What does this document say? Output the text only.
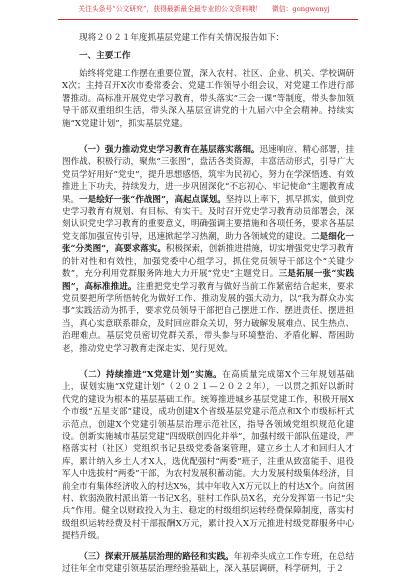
关注头条号“公文研究”，获得最新最全最专业的公文资料哦！ 微信：gongwenyj

现将２０２１年度抓基层党建工作有关情况报告如下：

一、主要工作

始终将党建工作摆在重要位置，深入农村、社区、企业、机关、学校调研X次；主持召开X次市委常委会、党建工作领导小组会议，对党建工作进行部署推动。高标准开展党史学习教育，带头落实“三会一课”等制度，带头参加领导干部双重组织生活，带头深入基层宣讲党的十九届六中全会精神。持续实施“X党建计划”，抓实基层党建。

（一）强力推动党史学习教育在基层落实落细。迅速响应、精心部署，挂图作战、积极行动，聚焦“三张图”，盘活各类资源，丰富活动形式，引导广大党员学好用好“党史”，提升思想感悟，筑牢为民初心，努力在学深悟透、有效推进上下功夫，持续发力，进一步巩固深化“不忘初心、牢记使命”主题教育成果。一是绘好一张“作战图”，高起点谋划。坚持以上率下，抓早抓实，做到党史学习教育有规划、有目标、有实干。及时召开党史学习教育动员部署会，深刻认识党史学习教育的重要意义，明确强调主要措施和各项任务，要求各基层党支部加强宣传引导，迅速掀起学习热潮，助力各领域党的建设。二是细化一张“分类图”，高要求落实。积极探索，创新推进措施，切实增强党史学习教育的针对性和有效性，加强党委中心组学习，抓住党员领导干部这个“关键少数”，充分利用党群服务阵地大力开展“党史”主题党日。三是拓展一张“实践图”，高标准推进。注重把党史学习教育与做好当前工作紧密结合起来，要求党员要把所学所悟转化为做好工作、推动发展的强大动力，以“我为群众办实事”实践活动为抓手，要求党员领导干部把自己摆进工作、摆进责任、摆进担当，真心实意联系群众，及时回应群众关切，努力破解发展难点、民生热点、治理难点。基层党员密切党群关系，带头参与环境整治、矛盾化解、帮困助老，推动党史学习教育走深走实、见行见效。

（二）持续推进“X党建计划”实施。在高质量完成第X个三年规划基础上，谋划实施“X党建计划”（２０２１—２０２２年），一以贯之抓好以新时代党的建设为根本的基层基础工作。统筹推进城乡基层党建工作，积极开展X个市级“五星支部”建设，成功创建X个省级基层党建示范点和X个市级标杆式示范点，创建X个党建引领基层治理示范社区，指导各领域党组织规范化建设。创新实施城市基层党建“四级联创四化并举”，加强村级干部队伍建设，严格落实村（社区）党组织书记县级党委备案管理，建立乡土人才和回归人才库，累计纳入乡土人才X人，选优配强村“两委”班子，注重从致富能手、退役军人中选拔村“两委”干部，为农村发展积蓄动能。大力发展村级集体经济，目前全市有集体经济收入的村达X%，其中年收入X万元以上的村达X个。向贫困村、软弱涣散村派出第一书记X名，驻村工作队员X名，充分发挥第一书记“尖兵”作用。健全以财政投入为主、稳定的村级组织运转经费保障制度，落实村级组织运转经费及村干部报酬X万元，累计投入X万元推进村级党群服务中心提档升级。

（三）探索开展基层治理的路径和实践。年初牵头成立工作专班，在总结过往年全市党建引领基层治理经验基础上，深入基层调研，科学研判，于２
